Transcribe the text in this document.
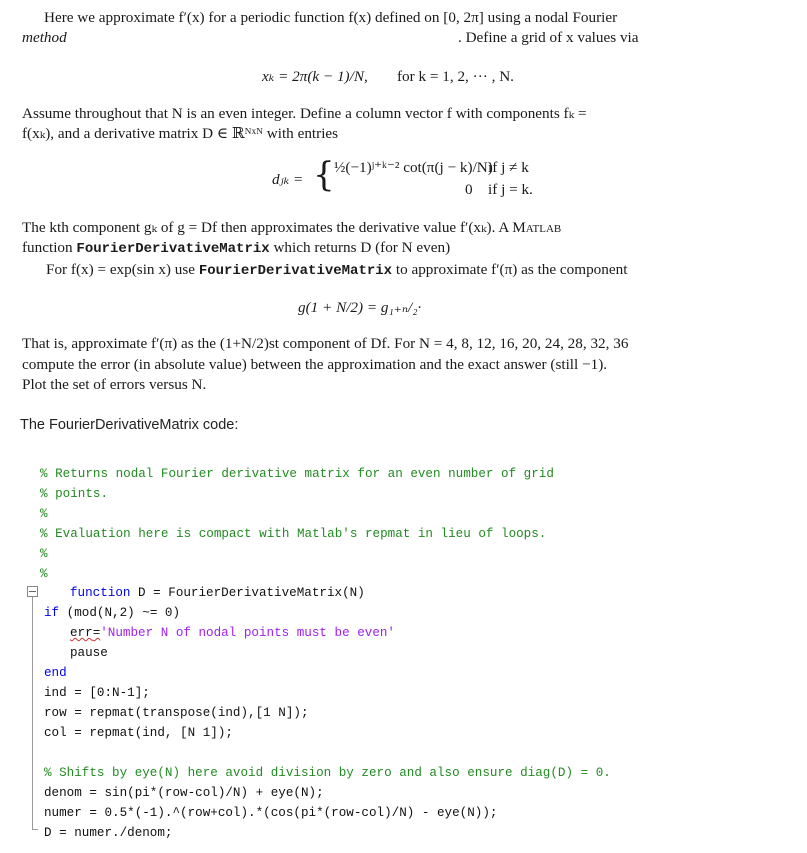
Here we approximate f′(x) for a periodic function f(x) defined on [0, 2π] using a nodal Fourier
method	. Define a grid of x values via
xₖ = 2π(k − 1)/N, for k = 1, 2, ··· , N.
Assume throughout that N is an even integer. Define a column vector f with components fₖ =
f(xₖ), and a derivative matrix D ∈ ℝᴺˣᴺ with entries
dⱼₖ = { ½(−1)ʲ⁺ᵏ⁻² cot(π(j − k)/N)
if j ≠ k
0 if j = k.
The kth component gₖ of g = Df then approximates the derivative value f′(xₖ). A Matlab
function FourierDerivativeMatrix which returns D (for N even)
For f(x) = exp(sin x) use FourierDerivativeMatrix to approximate f′(π) as the component
g(1 + N/2) = g₁₊ₙ/₂·
That is, approximate f′(π) as the (1+N/2)st component of Df. For N = 4, 8, 12, 16, 20, 24, 28, 32, 36
compute the error (in absolute value) between the approximation and the exact answer (still −1).
Plot the set of errors versus N.
The FourierDerivativeMatrix code:
% Returns nodal Fourier derivative matrix for an even number of grid
% points.
%
% Evaluation here is compact with Matlab's repmat in lieu of loops.
%
%
function D = FourierDerivativeMatrix(N)
if (mod(N,2) ~= 0)
err='Number N of nodal points must be even'
pause
end
ind = [0:N-1];
row = repmat(transpose(ind),[1 N]);
col = repmat(ind, [N 1]);
% Shifts by eye(N) here avoid division by zero and also ensure diag(D) = 0.
denom = sin(pi*(row-col)/N) + eye(N);
numer = 0.5*(-1).^(row+col).*(cos(pi*(row-col)/N) - eye(N));
D = numer./denom;
